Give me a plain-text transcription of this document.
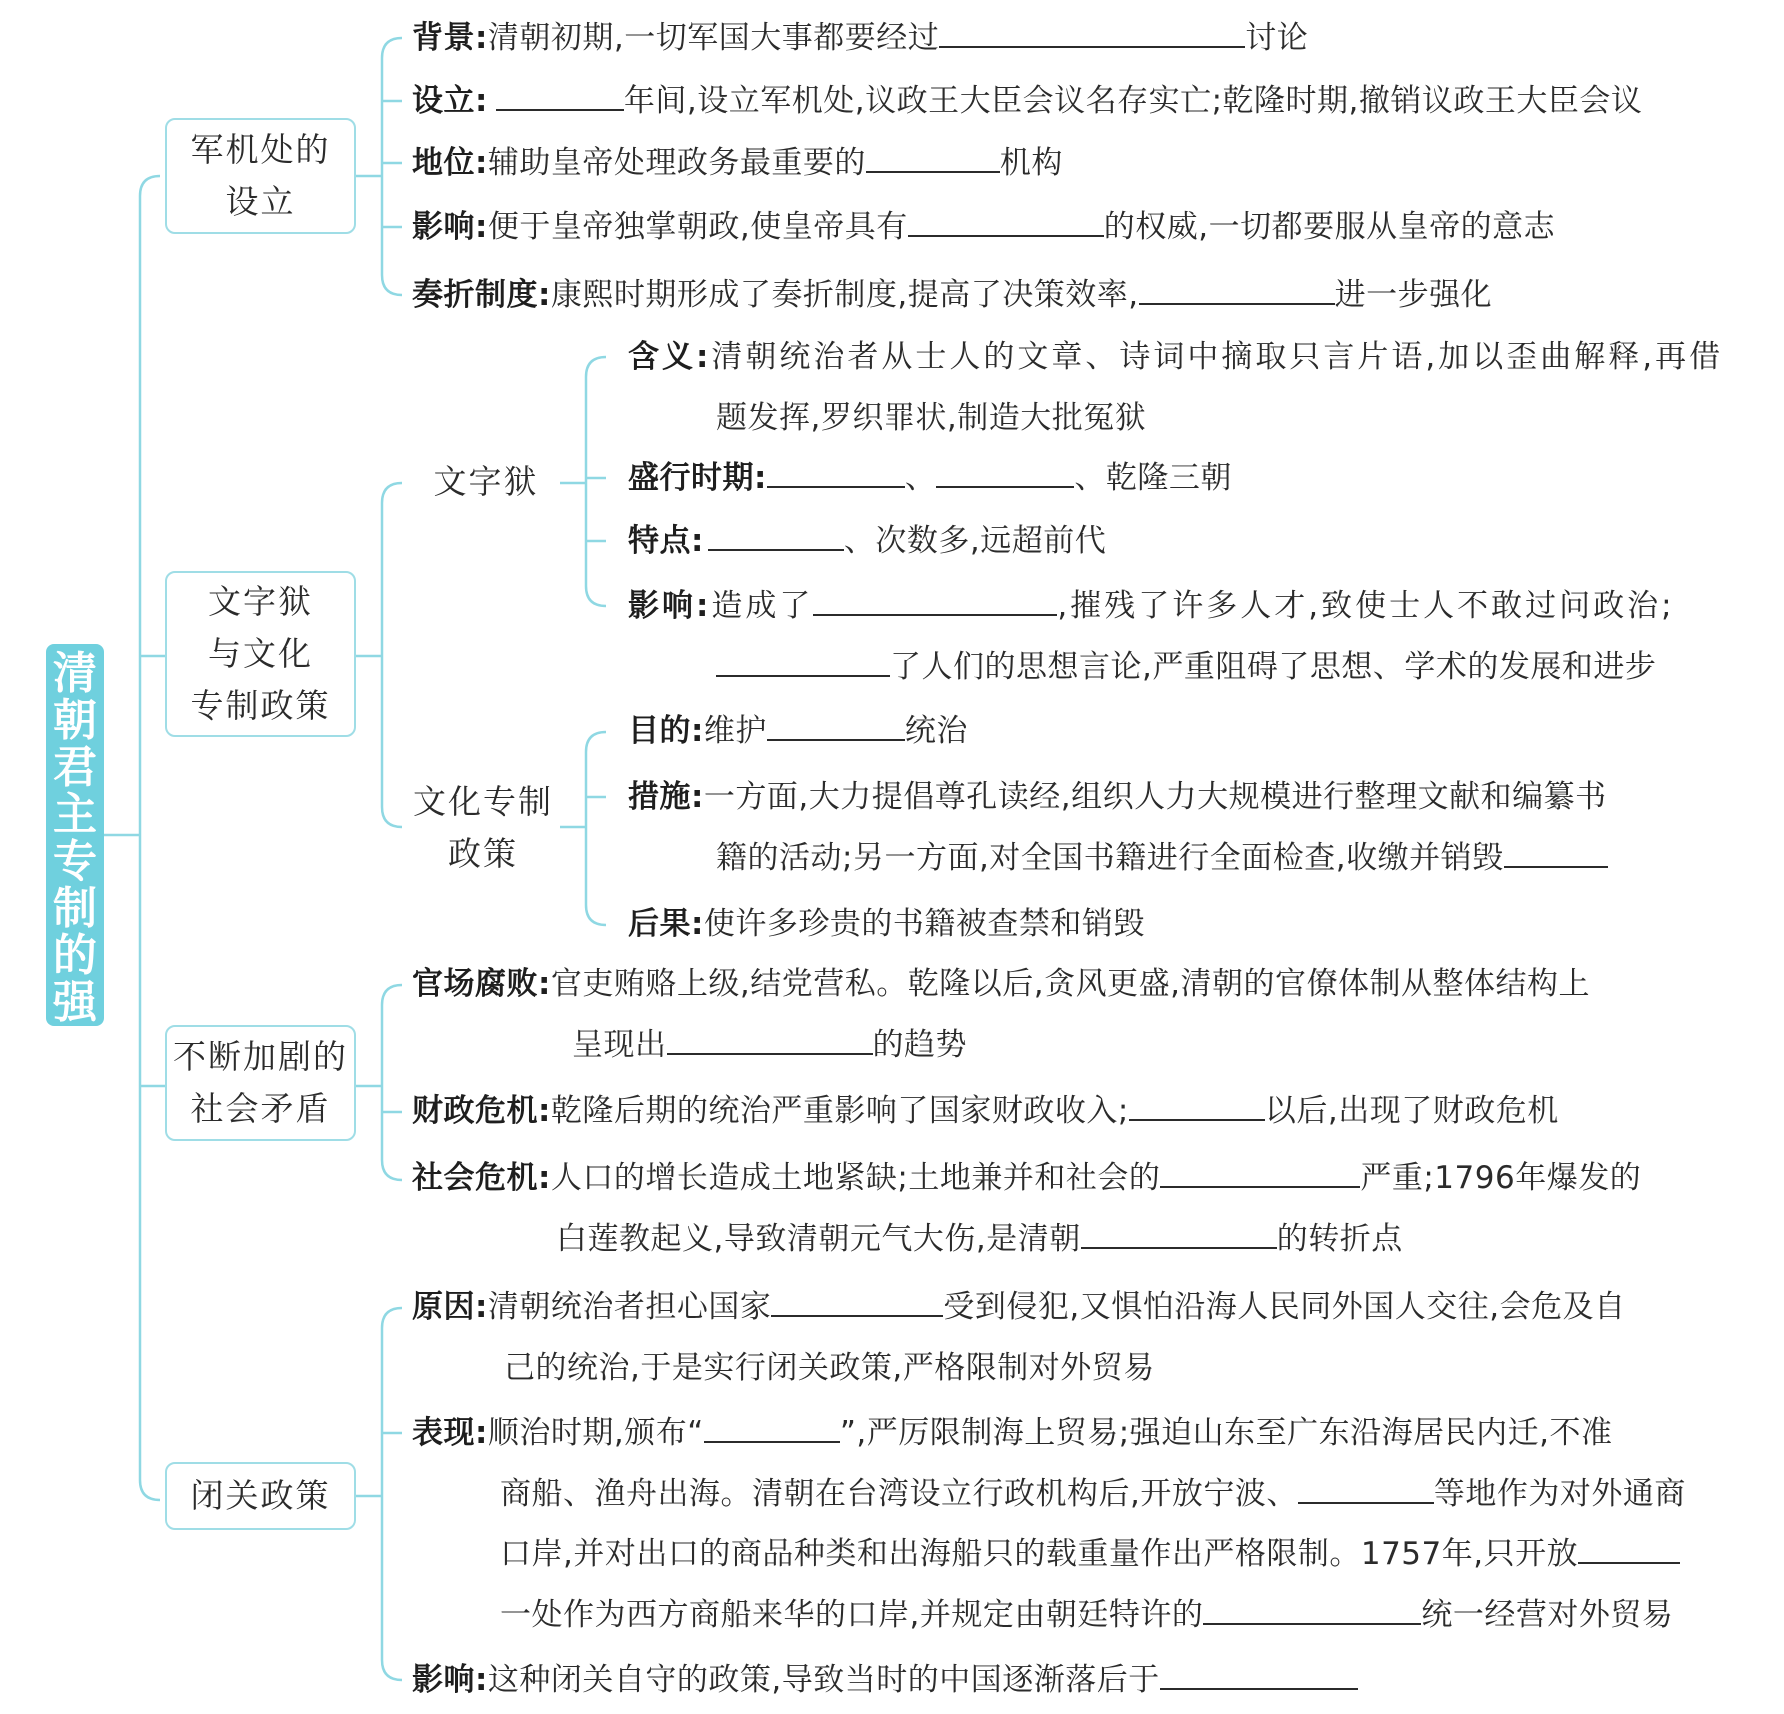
清
朝
君
主
专
制
的
强
化
军机处的
设立
背景:清朝初期,一切军国大事都要经过	讨论
设立:	年间,设立军机处,议政王大臣会议名存实亡;乾隆时期,撤销议政王大臣会议
地位:辅助皇帝处理政务最重要的	机构
影响:便于皇帝独掌朝政,使皇帝具有	的权威,一切都要服从皇帝的意志
奏折制度:康熙时期形成了奏折制度,提高了决策效率,	进一步强化
文字狱
与文化
专制政策
文字狱
含义:清朝统治者从士人的文章、诗词中摘取只言片语,加以歪曲解释,再借
题发挥,罗织罪状,制造大批冤狱
盛行时期:	、	、乾隆三朝
特点:	、次数多,远超前代
影响:造成了	,摧残了许多人才,致使士人不敢过问政治;
了人们的思想言论,严重阻碍了思想、学术的发展和进步
文化专制
政策
目的:维护	统治
措施:一方面,大力提倡尊孔读经,组织人力大规模进行整理文献和编纂书
籍的活动;另一方面,对全国书籍进行全面检查,收缴并销毁
后果:使许多珍贵的书籍被查禁和销毁
不断加剧的
社会矛盾
官场腐败:官吏贿赂上级,结党营私。乾隆以后,贪风更盛,清朝的官僚体制从整体结构上
呈现出	的趋势
财政危机:乾隆后期的统治严重影响了国家财政收入;	以后,出现了财政危机
社会危机:人口的增长造成土地紧缺;土地兼并和社会的	严重;1796年爆发的
白莲教起义,导致清朝元气大伤,是清朝	的转折点
闭关政策
原因:清朝统治者担心国家	受到侵犯,又惧怕沿海人民同外国人交往,会危及自
己的统治,于是实行闭关政策,严格限制对外贸易
表现:顺治时期,颁布“	”,严厉限制海上贸易;强迫山东至广东沿海居民内迁,不准
商船、渔舟出海。清朝在台湾设立行政机构后,开放宁波、	等地作为对外通商
口岸,并对出口的商品种类和出海船只的载重量作出严格限制。1757年,只开放
一处作为西方商船来华的口岸,并规定由朝廷特许的	统一经营对外贸易
影响:这种闭关自守的政策,导致当时的中国逐渐落后于
